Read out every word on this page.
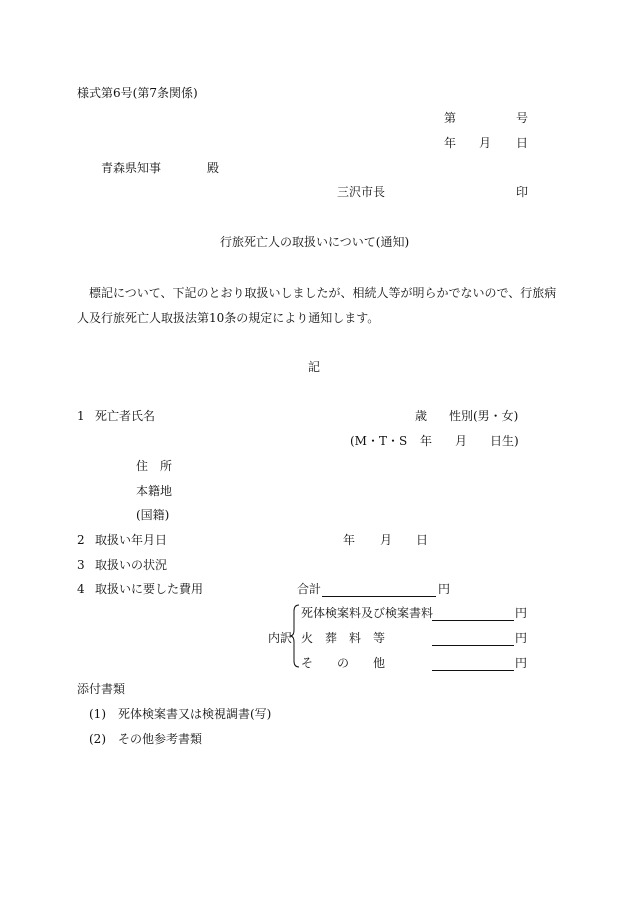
様式第6号(第7条関係)
第	号
年 月 日
青森県知事	殿
三沢市長	印
行旅死亡人の取扱いについて(通知)
標記について、下記のとおり取扱いしましたが、相続人等が明らかでないので、行旅病
人及行旅死亡人取扱法第10条の規定により通知します。
記
1 死亡者氏名	歳 性別(男・女)
(M・T・S 年 月 日生)
住　所
本籍地
(国籍)
2 取扱い年月日	年 月 日
3 取扱いの状況
4 取扱いに要した費用	合計	円
内訳
死体検案料及び検案書料	円
火　葬　料　等	円
そ　　の　　他	円
添付書類
(1) 死体検案書又は検視調書(写)
(2) その他参考書類
